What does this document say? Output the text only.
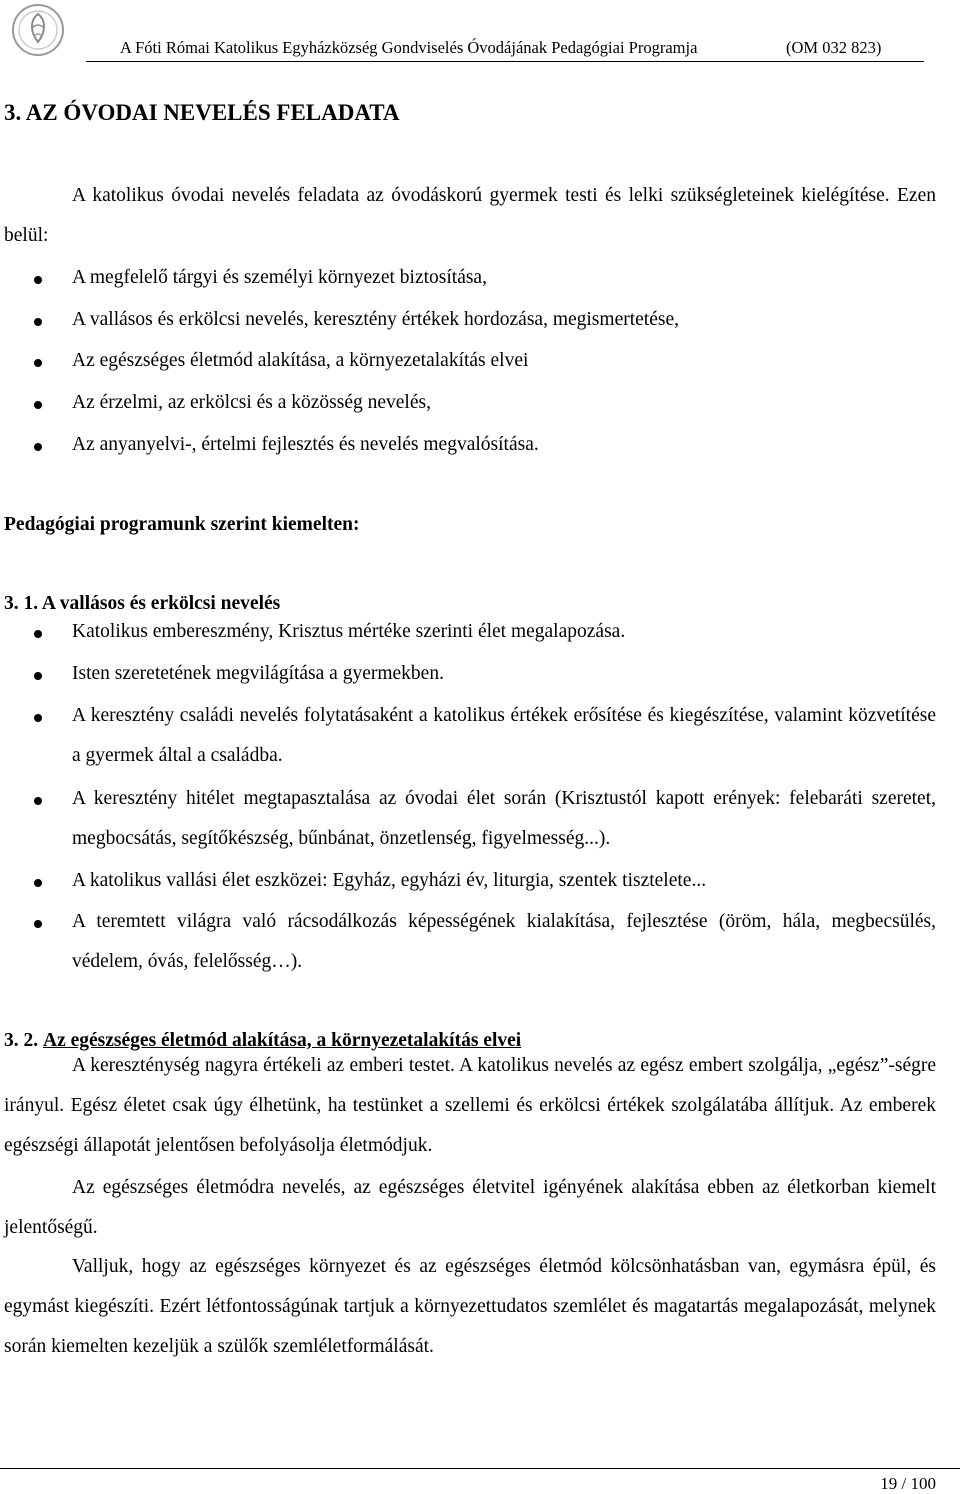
A Fóti Római Katolikus Egyházközség Gondviselés Óvodájának Pedagógiai Programja	(OM 032 823)
3. AZ ÓVODAI NEVELÉS FELADATA
A katolikus óvodai nevelés feladata az óvodáskorú gyermek testi és lelki szükségleteinek kielégítése. Ezen belül:
A megfelelő tárgyi és személyi környezet biztosítása,
A vallásos és erkölcsi nevelés, keresztény értékek hordozása, megismertetése,
Az egészséges életmód alakítása, a környezetalakítás elvei
Az érzelmi, az erkölcsi és a közösség nevelés,
Az anyanyelvi-, értelmi fejlesztés és nevelés megvalósítása.
Pedagógiai programunk szerint kiemelten:
3. 1. A vallásos és erkölcsi nevelés
Katolikus embereszmény, Krisztus mértéke szerinti élet megalapozása.
Isten szeretetének megvilágítása a gyermekben.
A keresztény családi nevelés folytatásaként a katolikus értékek erősítése és kiegészítése, valamint közvetítése a gyermek által a családba.
A keresztény hitélet megtapasztalása az óvodai élet során (Krisztustól kapott erények: felebaráti szeretet, megbocsátás, segítőkészség, bűnbánat, önzetlenség, figyelmesség...).
A katolikus vallási élet eszközei: Egyház, egyházi év, liturgia, szentek tisztelete...
A teremtett világra való rácsodálkozás képességének kialakítása, fejlesztése (öröm, hála, megbecsülés, védelem, óvás, felelősség…).
3. 2. Az egészséges életmód alakítása, a környezetalakítás elvei
A kereszténység nagyra értékeli az emberi testet. A katolikus nevelés az egész embert szolgálja, „egész”-ségre irányul. Egész életet csak úgy élhetünk, ha testünket a szellemi és erkölcsi értékek szolgálatába állítjuk. Az emberek egészségi állapotát jelentősen befolyásolja életmódjuk.
Az egészséges életmódra nevelés, az egészséges életvitel igényének alakítása ebben az életkorban kiemelt jelentőségű.
Valljuk, hogy az egészséges környezet és az egészséges életmód kölcsönhatásban van, egymásra épül, és egymást kiegészíti. Ezért létfontosságúnak tartjuk a környezettudatos szemlélet és magatartás megalapozását, melynek során kiemelten kezeljük a szülők szemléletformálását.
19 / 100
